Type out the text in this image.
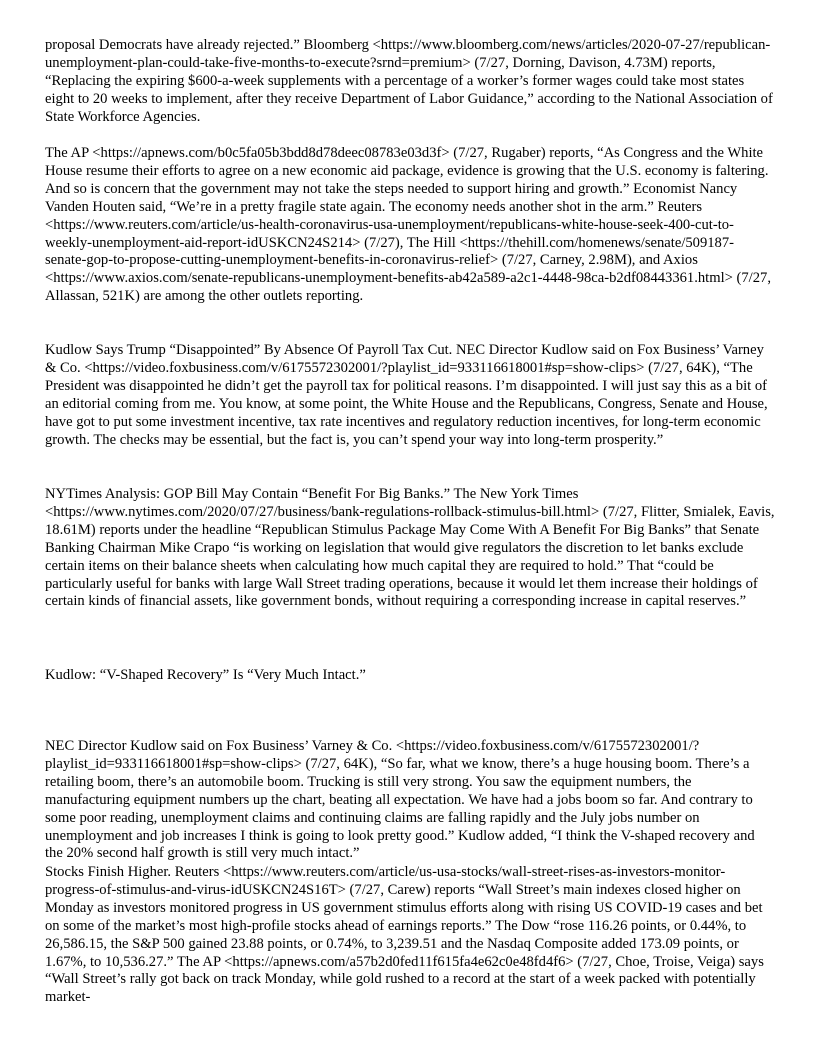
proposal Democrats have already rejected.” Bloomberg <https://www.bloomberg.com/news/articles/2020-07-27/republican-unemployment-plan-could-take-five-months-to-execute?srnd=premium> (7/27, Dorning, Davison, 4.73M) reports, “Replacing the expiring $600-a-week supplements with a percentage of a worker’s former wages could take most states eight to 20 weeks to implement, after they receive Department of Labor Guidance,” according to the National Association of State Workforce Agencies.

The AP <https://apnews.com/b0c5fa05b3bdd8d78deec08783e03d3f> (7/27, Rugaber) reports, “As Congress and the White House resume their efforts to agree on a new economic aid package, evidence is growing that the U.S. economy is faltering. And so is concern that the government may not take the steps needed to support hiring and growth.” Economist Nancy Vanden Houten said, “We’re in a pretty fragile state again. The economy needs another shot in the arm.” Reuters <https://www.reuters.com/article/us-health-coronavirus-usa-unemployment/republicans-white-house-seek-400-cut-to-weekly-unemployment-aid-report-idUSKCN24S214> (7/27), The Hill <https://thehill.com/homenews/senate/509187-senate-gop-to-propose-cutting-unemployment-benefits-in-coronavirus-relief> (7/27, Carney, 2.98M), and Axios <https://www.axios.com/senate-republicans-unemployment-benefits-ab42a589-a2c1-4448-98ca-b2df08443361.html> (7/27, Allassan, 521K) are among the other outlets reporting.

Kudlow Says Trump “Disappointed” By Absence Of Payroll Tax Cut. NEC Director Kudlow said on Fox Business’ Varney & Co. <https://video.foxbusiness.com/v/6175572302001/?playlist_id=933116618001#sp=show-clips> (7/27, 64K), “The President was disappointed he didn’t get the payroll tax for political reasons. I’m disappointed. I will just say this as a bit of an editorial coming from me. You know, at some point, the White House and the Republicans, Congress, Senate and House, have got to put some investment incentive, tax rate incentives and regulatory reduction incentives, for long-term economic growth. The checks may be essential, but the fact is, you can’t spend your way into long-term prosperity.”

NYTimes Analysis: GOP Bill May Contain “Benefit For Big Banks.” The New York Times <https://www.nytimes.com/2020/07/27/business/bank-regulations-rollback-stimulus-bill.html> (7/27, Flitter, Smialek, Eavis, 18.61M) reports under the headline “Republican Stimulus Package May Come With A Benefit For Big Banks” that Senate Banking Chairman Mike Crapo “is working on legislation that would give regulators the discretion to let banks exclude certain items on their balance sheets when calculating how much capital they are required to hold.” That “could be particularly useful for banks with large Wall Street trading operations, because it would let them increase their holdings of certain kinds of financial assets, like government bonds, without requiring a corresponding increase in capital reserves.”

Kudlow: “V-Shaped Recovery” Is “Very Much Intact.”

NEC Director Kudlow said on Fox Business’ Varney & Co. <https://video.foxbusiness.com/v/6175572302001/?playlist_id=933116618001#sp=show-clips> (7/27, 64K), “So far, what we know, there’s a huge housing boom. There’s a retailing boom, there’s an automobile boom. Trucking is still very strong. You saw the equipment numbers, the manufacturing equipment numbers up the chart, beating all expectation. We have had a jobs boom so far. And contrary to some poor reading, unemployment claims and continuing claims are falling rapidly and the July jobs number on unemployment and job increases I think is going to look pretty good.” Kudlow added, “I think the V-shaped recovery and the 20% second half growth is still very much intact.”

Stocks Finish Higher. Reuters <https://www.reuters.com/article/us-usa-stocks/wall-street-rises-as-investors-monitor-progress-of-stimulus-and-virus-idUSKCN24S16T> (7/27, Carew) reports “Wall Street’s main indexes closed higher on Monday as investors monitored progress in US government stimulus efforts along with rising US COVID-19 cases and bet on some of the market’s most high-profile stocks ahead of earnings reports.” The Dow “rose 116.26 points, or 0.44%, to 26,586.15, the S&P 500 gained 23.88 points, or 0.74%, to 3,239.51 and the Nasdaq Composite added 173.09 points, or 1.67%, to 10,536.27.” The AP <https://apnews.com/a57b2d0fed11f615fa4e62c0e48fd4f6> (7/27, Choe, Troise, Veiga) says “Wall Street’s rally got back on track Monday, while gold rushed to a record at the start of a week packed with potentially market-
